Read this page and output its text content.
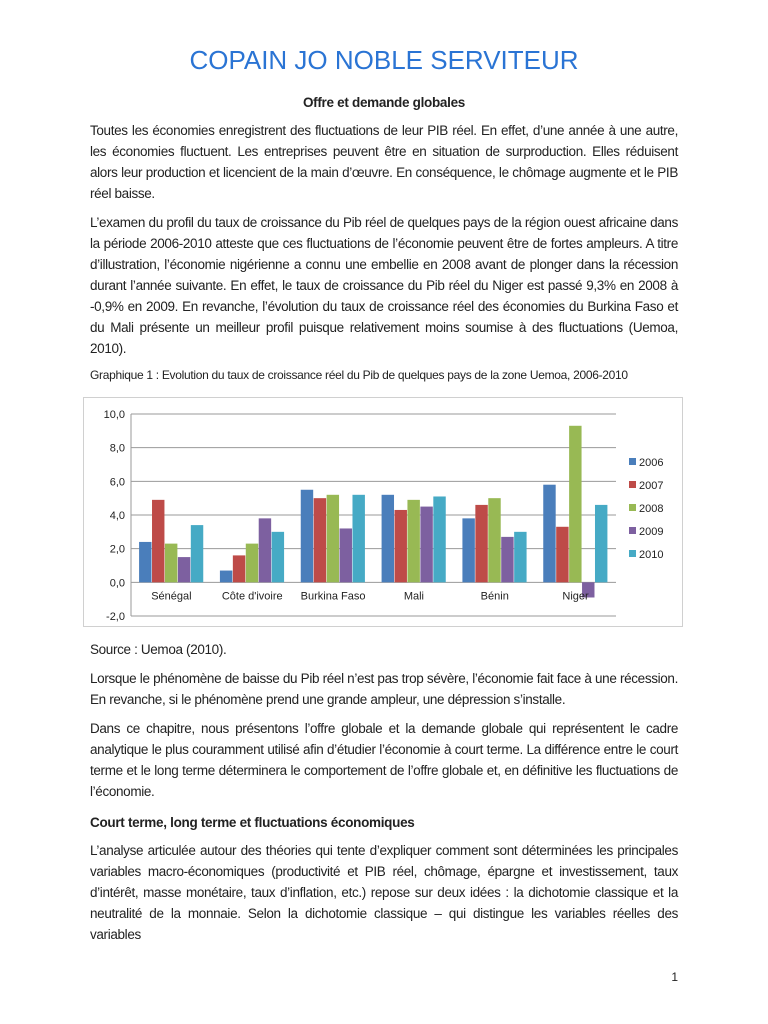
COPAIN JO NOBLE SERVITEUR
Offre et demande globales
Toutes les économies enregistrent des fluctuations de leur PIB réel. En effet, d’une année à une autre, les économies fluctuent. Les entreprises peuvent être en situation de surproduction. Elles réduisent alors leur production et licencient de la main d’œuvre. En conséquence, le chômage augmente et le PIB réel baisse.
L’examen du profil du taux de croissance du Pib réel de quelques pays de la région ouest africaine dans la période 2006-2010 atteste que ces fluctuations de l’économie peuvent être de fortes ampleurs. A titre d’illustration, l’économie nigérienne a connu une embellie en 2008 avant de plonger dans la récession durant l’année suivante. En effet, le taux de croissance du Pib réel du Niger est passé 9,3% en 2008 à -0,9% en 2009. En revanche, l’évolution du taux de croissance réel des économies du Burkina Faso et du Mali présente un meilleur profil puisque relativement moins soumise à des fluctuations (Uemoa, 2010).
Graphique 1 : Evolution du taux de croissance réel du Pib de quelques pays de la zone Uemoa, 2006-2010
10,0
8,0
6,0
4,0
2,0
0,0
-2,0
Sénégal	Côte d'ivoire Burkina Faso	Mali	Bénin	Niger
2006
2007
2008
2009
2010
Source : Uemoa (2010).
Lorsque le phénomène de baisse du Pib réel n’est pas trop sévère, l’économie fait face à une récession. En revanche, si le phénomène prend une grande ampleur, une dépression s’installe.
Dans ce chapitre, nous présentons l’offre globale et la demande globale qui représentent le cadre analytique le plus couramment utilisé afin d’étudier l’économie à court terme. La différence entre le court terme et le long terme déterminera le comportement de l’offre globale et, en définitive les fluctuations de l’économie.
Court terme, long terme et fluctuations économiques
L’analyse articulée autour des théories qui tente d’expliquer comment sont déterminées les principales variables macro-économiques (productivité et PIB réel, chômage, épargne et investissement, taux d’intérêt, masse monétaire, taux d’inflation, etc.) repose sur deux idées : la dichotomie classique et la neutralité de la monnaie. Selon la dichotomie classique – qui distingue les variables réelles des variables
1
